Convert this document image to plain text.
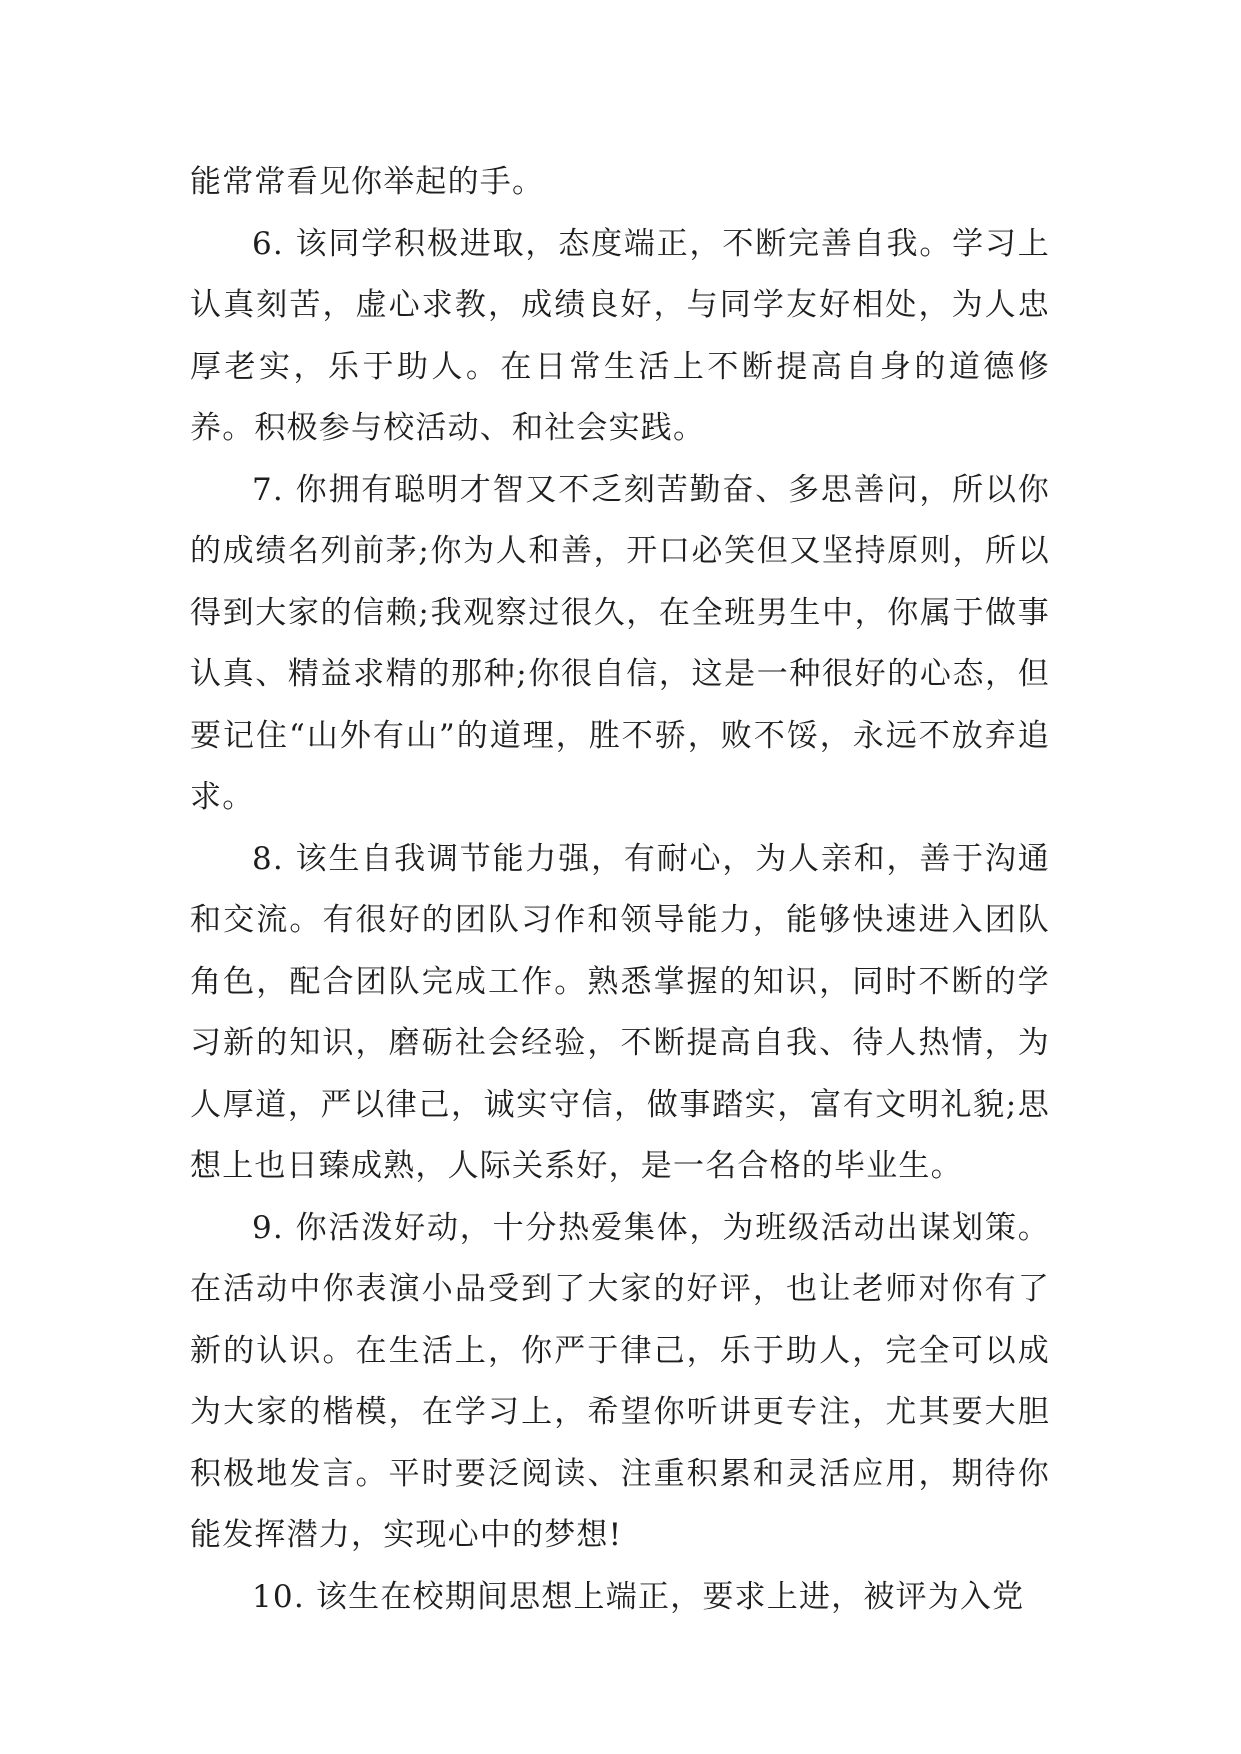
能常常看见你举起的手。

6. 该同学积极进取，态度端正，不断完善自我。学习上认真刻苦，虚心求教，成绩良好，与同学友好相处，为人忠厚老实，乐于助人。在日常生活上不断提高自身的道德修养。积极参与校活动、和社会实践。

7. 你拥有聪明才智又不乏刻苦勤奋、多思善问，所以你的成绩名列前茅;你为人和善，开口必笑但又坚持原则，所以得到大家的信赖;我观察过很久，在全班男生中，你属于做事认真、精益求精的那种;你很自信，这是一种很好的心态，但要记住“山外有山”的道理，胜不骄，败不馁，永远不放弃追求。

8. 该生自我调节能力强，有耐心，为人亲和，善于沟通和交流。有很好的团队习作和领导能力，能够快速进入团队角色，配合团队完成工作。熟悉掌握的知识，同时不断的学习新的知识，磨砺社会经验，不断提高自我、待人热情，为人厚道，严以律己，诚实守信，做事踏实，富有文明礼貌;思想上也日臻成熟，人际关系好，是一名合格的毕业生。

9. 你活泼好动，十分热爱集体，为班级活动出谋划策。在活动中你表演小品受到了大家的好评，也让老师对你有了新的认识。在生活上，你严于律己，乐于助人，完全可以成为大家的楷模，在学习上，希望你听讲更专注，尤其要大胆积极地发言。平时要泛阅读、注重积累和灵活应用，期待你能发挥潜力，实现心中的梦想!

10. 该生在校期间思想上端正，要求上进，被评为入党
